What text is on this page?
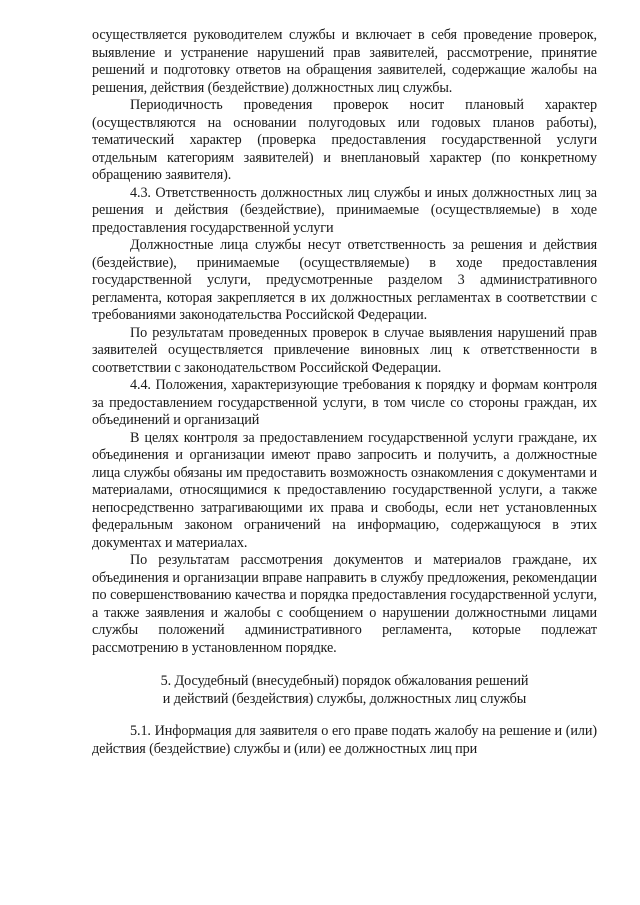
осуществляется руководителем службы и включает в себя проведение проверок, выявление и устранение нарушений прав заявителей, рассмотрение, принятие решений и подготовку ответов на обращения заявителей, содержащие жалобы на решения, действия (бездействие) должностных лиц службы.

Периодичность проведения проверок носит плановый характер (осуществляются на основании полугодовых или годовых планов работы), тематический характер (проверка предоставления государственной услуги отдельным категориям заявителей) и внеплановый характер (по конкретному обращению заявителя).

4.3. Ответственность должностных лиц службы и иных должностных лиц за решения и действия (бездействие), принимаемые (осуществляемые) в ходе предоставления государственной услуги

Должностные лица службы несут ответственность за решения и действия (бездействие), принимаемые (осуществляемые) в ходе предоставления государственной услуги, предусмотренные разделом 3 административного регламента, которая закрепляется в их должностных регламентах в соответствии с требованиями законодательства Российской Федерации.

По результатам проведенных проверок в случае выявления нарушений прав заявителей осуществляется привлечение виновных лиц к ответственности в соответствии с законодательством Российской Федерации.

4.4. Положения, характеризующие требования к порядку и формам контроля за предоставлением государственной услуги, в том числе со стороны граждан, их объединений и организаций

В целях контроля за предоставлением государственной услуги граждане, их объединения и организации имеют право запросить и получить, а должностные лица службы обязаны им предоставить возможность ознакомления с документами и материалами, относящимися к предоставлению государственной услуги, а также непосредственно затрагивающими их права и свободы, если нет установленных федеральным законом ограничений на информацию, содержащуюся в этих документах и материалах.

По результатам рассмотрения документов и материалов граждане, их объединения и организации вправе направить в службу предложения, рекомендации по совершенствованию качества и порядка предоставления государственной услуги, а также заявления и жалобы с сообщением о нарушении должностными лицами службы положений административного регламента, которые подлежат рассмотрению в установленном порядке.

5. Досудебный (внесудебный) порядок обжалования решений
и действий (бездействия) службы, должностных лиц службы

5.1. Информация для заявителя о его праве подать жалобу на решение и (или) действия (бездействие) службы и (или) ее должностных лиц при
